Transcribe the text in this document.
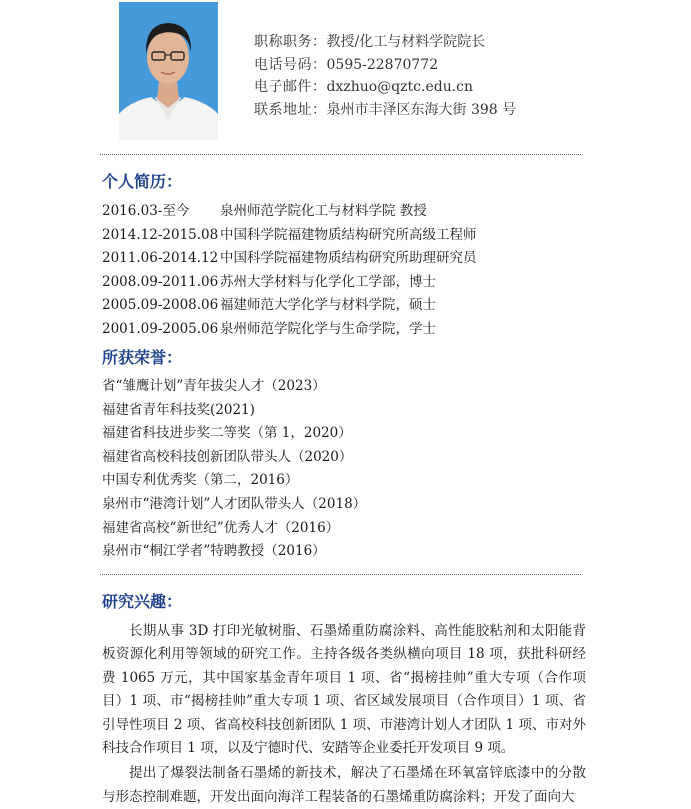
职称职务：教授/化工与材料学院院长
电话号码：0595-22870772
电子邮件：dxzhuo@qztc.edu.cn
联系地址：泉州市丰泽区东海大街 398 号
个人简历：
2016.03-至今	泉州师范学院化工与材料学院 教授
2014.12-2015.08 中国科学院福建物质结构研究所高级工程师
2011.06-2014.12 中国科学院福建物质结构研究所助理研究员
2008.09-2011.06 苏州大学材料与化学化工学部，博士
2005.09-2008.06 福建师范大学化学与材料学院，硕士
2001.09-2005.06 泉州师范学院化学与生命学院，学士
所获荣誉：
省“雏鹰计划”青年拔尖人才（2023）
福建省青年科技奖(2021)
福建省科技进步奖二等奖（第 1，2020）
福建省高校科技创新团队带头人（2020）
中国专利优秀奖（第二，2016）
泉州市“港湾计划”人才团队带头人（2018）
福建省高校“新世纪”优秀人才（2016）
泉州市“桐江学者”特聘教授（2016）
研究兴趣：

长期从事 3D 打印光敏树脂、石墨烯重防腐涂料、高性能胶粘剂和太阳能背板资源化利用等领域的研究工作。主持各级各类纵横向项目 18 项，获批科研经费 1065 万元，其中国家基金青年项目 1 项、省“揭榜挂帅”重大专项（合作项目）1 项、市“揭榜挂帅”重大专项 1 项、省区域发展项目（合作项目）1 项、省引导性项目 2 项、省高校科技创新团队 1 项、市港湾计划人才团队 1 项、市对外科技合作项目 1 项，以及宁德时代、安踏等企业委托开发项目 9 项。

提出了爆裂法制备石墨烯的新技术，解决了石墨烯在环氧富锌底漆中的分散与形态控制难题，开发出面向海洋工程装备的石墨烯重防腐涂料；开发了面向大
